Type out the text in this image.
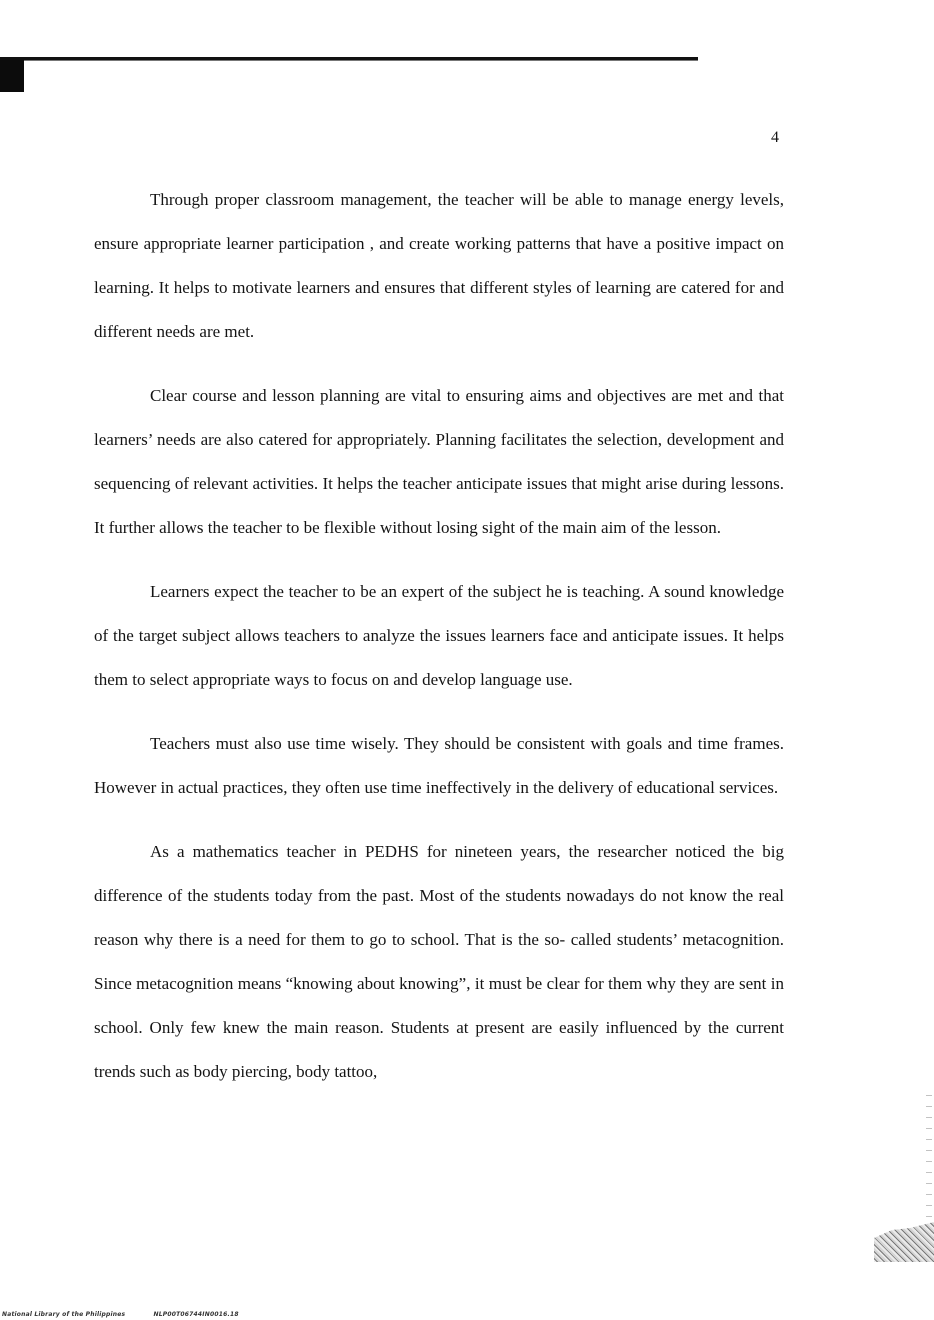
4

Through proper classroom management, the teacher will be able to manage energy levels, ensure appropriate learner participation , and create working patterns that have a positive impact on learning. It helps to motivate learners and ensures that different styles of learning are catered for and different needs are met.

Clear course and lesson planning are vital to ensuring aims and objectives are met and that learners’ needs are also catered for appropriately. Planning facilitates the selection, development and sequencing of relevant activities. It helps the teacher anticipate issues that might arise during lessons. It further allows the teacher to be flexible without losing sight of the main aim of the lesson.

Learners expect the teacher to be an expert of the subject he is teaching. A sound knowledge of the target subject allows teachers to analyze the issues learners face and anticipate issues. It helps them to select appropriate ways to focus on and develop language use.

Teachers must also use time wisely. They should be consistent with goals and time frames. However in actual practices, they often use time ineffectively in the delivery of educational services.

As a mathematics teacher in PEDHS for nineteen years, the researcher noticed the big difference of the students today from the past. Most of the students nowadays do not know the real reason why there is a need for them to go to school. That is the so- called students’ metacognition. Since metacognition means “knowing about knowing”, it must be clear for them why they are sent in school. Only few knew the main reason. Students at present are easily influenced by the current trends such as body piercing, body tattoo,

National Library of the Philippines	NLP00T06744IN0016.18
